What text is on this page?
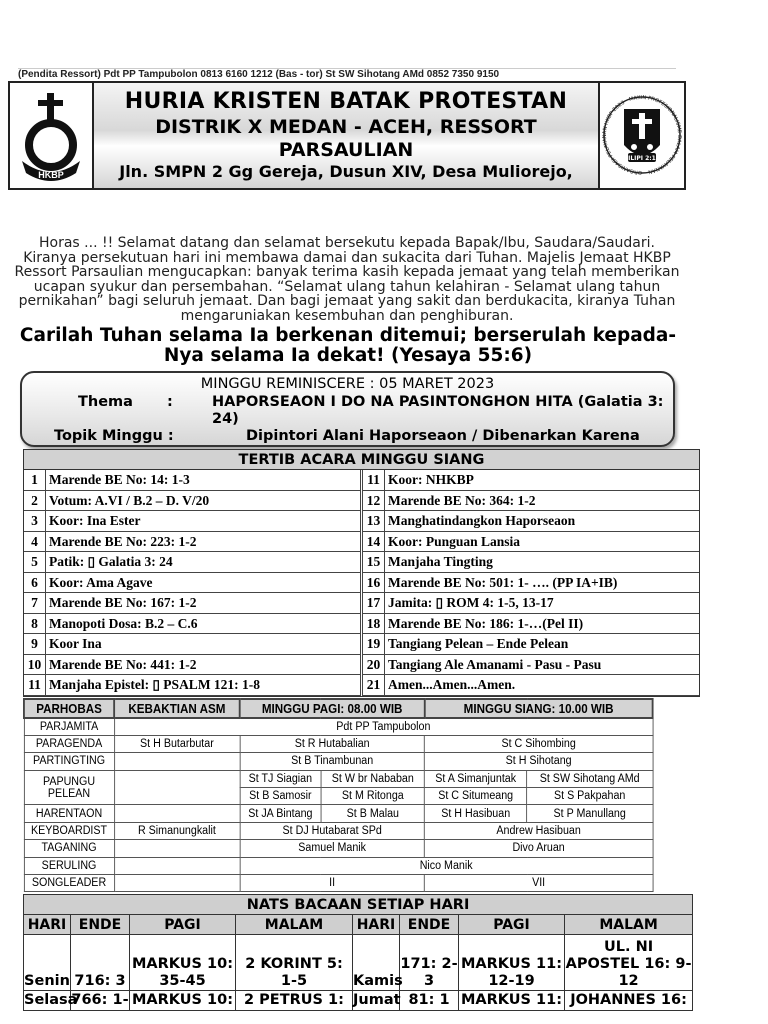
(Pendita Ressort) Pdt PP Tampubolon 0813 6160 1212 (Bas - tor) St SW Sihotang AMd 0852 7350 9150
HKBP
HURIA KRISTEN BATAK PROTESTAN
DISTRIK X MEDAN - ACEH, RESSORT
PARSAULIAN
Jln. SMPN 2 Gg Gereja, Dusun XIV, Desa Muliorejo,	ORGANISASI PELAYANAN HKBP 2023 · MAKIN PROFESIONALISME DALAM PELAYANAN
FILIPI 2:12
Horas ... !! Selamat datang dan selamat bersekutu kepada Bapak/Ibu, Saudara/Saudari. Kiranya persekutuan hari ini membawa damai dan sukacita dari Tuhan. Majelis Jemaat HKBP Ressort Parsaulian mengucapkan: banyak terima kasih kepada jemaat yang telah memberikan ucapan syukur dan persembahan. “Selamat ulang tahun kelahiran - Selamat ulang tahun pernikahan” bagi seluruh jemaat. Dan bagi jemaat yang sakit dan berdukacita, kiranya Tuhan mengaruniakan kesembuhan dan penghiburan.
Carilah Tuhan selama Ia berkenan ditemui; berserulah kepada-Nya selama Ia dekat! (Yesaya 55:6)
MINGGU REMINISCERE : 05 MARET 2023
Thema :	HAPORSEAON I DO NA PASINTONGHON HITA (Galatia 3: 24)
Topik Minggu :	Dipintori Alani Haporseaon / Dibenarkan Karena
TERTIB ACARA MINGGU SIANG
1 Marende BE No: 14: 1-3
2 Votum: A.VI / B.2 – D. V/20
3 Koor: Ina Ester
4 Marende BE No: 223: 1-2
5 Patik: ▯ Galatia 3: 24
6 Koor: Ama Agave
7 Marende BE No: 167: 1-2
8 Manopoti Dosa: B.2 – C.6
9 Koor Ina
10 Marende BE No: 441: 1-2
11 Manjaha Epistel: ▯ PSALM 121: 1-8
11 Koor: NHKBP
12 Marende BE No: 364: 1-2
13 Manghatindangkon Haporseaon
14 Koor: Punguan Lansia
15 Manjaha Tingting
16 Marende BE No: 501: 1- …. (PP IA+IB)
17 Jamita: ▯ ROM 4: 1-5, 13-17
18 Marende BE No: 186: 1-…(Pel II)
19 Tangiang Pelean – Ende Pelean
20 Tangiang Ale Amanami - Pasu - Pasu
21 Amen...Amen...Amen.
PARHOBAS	KEBAKTIAN ASM	MINGGU PAGI: 08.00 WIB		MINGGU SIANG: 10.00 WIB	
PARJAMITA	Pdt PP Tampubolon				
PARAGENDA	St H Butarbutar	St R Hutabalian		St C Sihombing	
PARTINGTING		St B Tinambunan		St H Sihotang	
PAPUNGU
PELEAN		St TJ Siagian	St W br Nababan	St A Simanjuntak	St SW Sihotang AMd
		St B Samosir	St M Ritonga	St C Situmeang	St S Pakpahan
HARENTAON		St JA Bintang	St B Malau	St H Hasibuan	St P Manullang
KEYBOARDIST	R Simanungkalit	St DJ Hutabarat SPd		Andrew Hasibuan	
TAGANING		Samuel Manik		Divo Aruan	
SERULING		Nico Manik			
SONGLEADER		II		VII	
NATS BACAAN SETIAP HARI							
HARI	ENDE	PAGI	MALAM	HARI	ENDE	PAGI	MALAM
Senin	716: 3	MARKUS 10: 35-45	2 KORINT 5: 1-5	Kamis	171: 2-3	MARKUS 11: 12-19	UL. NI APOSTEL 16: 9-12
Selasa	766: 1-	MARKUS 10:	2 PETRUS 1:	Jumat	81: 1	MARKUS 11:	JOHANNES 16:
